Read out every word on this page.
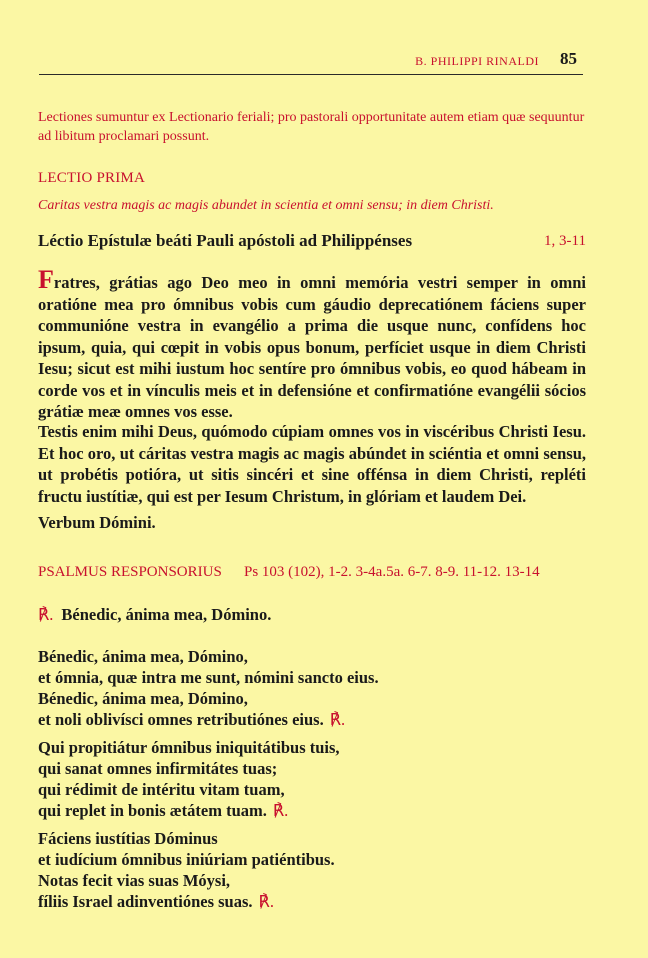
B. PHILIPPI RINALDI 85
Lectiones sumuntur ex Lectionario feriali; pro pastorali opportunitate autem etiam quæ sequuntur ad libitum proclamari possunt.
LECTIO PRIMA
Caritas vestra magis ac magis abundet in scientia et omni sensu; in diem Christi.
Léctio Epístulæ beáti Pauli apóstoli ad Philippénses	1, 3-11
Fratres, grátias ago Deo meo in omni memória vestri semper in omni oratióne mea pro ómnibus vobis cum gáudio deprecatiónem fáciens super communióne vestra in evangélio a prima die usque nunc, confídens hoc ipsum, quia, qui cœpit in vobis opus bonum, perfíciet usque in diem Christi Iesu; sicut est mihi iustum hoc sentíre pro ómnibus vobis, eo quod hábeam in corde vos et in vínculis meis et in defensióne et confirmatióne evangélii sócios grátiæ meæ omnes vos esse.
Testis enim mihi Deus, quómodo cúpiam omnes vos in viscéribus Christi Iesu. Et hoc oro, ut cáritas vestra magis ac magis abúndet in sciéntia et omni sensu, ut probétis potióra, ut sitis sincéri et sine offénsa in diem Christi, repléti fructu iustítiæ, qui est per Iesum Christum, in glóriam et laudem Dei.
Verbum Dómini.
PSALMUS RESPONSORIUS Ps 103 (102), 1-2. 3-4a.5a. 6-7. 8-9. 11-12. 13-14
℟. Bénedic, ánima mea, Dómino.
Bénedic, ánima mea, Dómino,
et ómnia, quæ intra me sunt, nómini sancto eius.
Bénedic, ánima mea, Dómino,
et noli oblivísci omnes retributiónes eius. ℟.
Qui propitiátur ómnibus iniquitátibus tuis,
qui sanat omnes infirmitátes tuas;
qui rédimit de intéritu vitam tuam,
qui replet in bonis ætátem tuam. ℟.
Fáciens iustítias Dóminus
et iudícium ómnibus iniúriam patiéntibus.
Notas fecit vias suas Móysi,
fíliis Israel adinventiónes suas. ℟.
